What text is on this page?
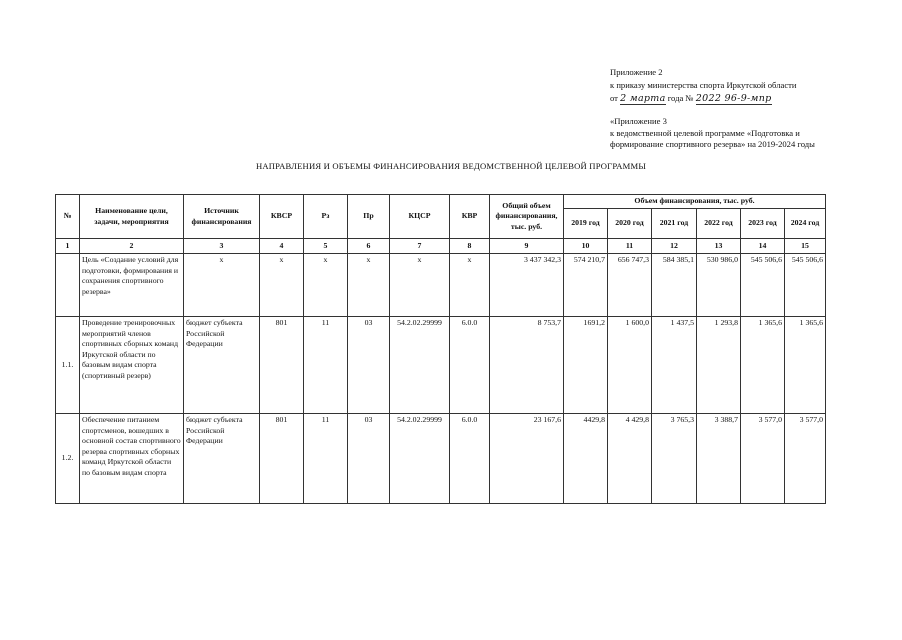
Приложение 2
к приказу министерства спорта Иркутской области
от 2 марта года № 2022 96-9-мпр
«Приложение 3
к ведомственной целевой программе «Подготовка и
формирование спортивного резерва» на 2019-2024 годы
НАПРАВЛЕНИЯ И ОБЪЕМЫ ФИНАНСИРОВАНИЯ ВЕДОМСТВЕННОЙ ЦЕЛЕВОЙ ПРОГРАММЫ
№	Наименование цели, задачи, мероприятия	Источник финансирования	КВСР	Рз	Пр	КЦСР	КВР	Общий объем финансирования, тыс. руб.	Объем финансирования, тыс. руб.					
									2019 год	2020 год	2021 год	2022 год	2023 год	2024 год
1	2	3	4	5	6	7	8	9	10	11	12	13	14	15
	Цель «Создание условий для подготовки, формирования и сохранения спортивного резерва»	x	x	x	x	x	x	3 437 342,3	574 210,7	656 747,3	584 385,1	530 986,0	545 506,6	545 506,6
1.1.	Проведение тренировочных мероприятий членов спортивных сборных команд Иркутской области по базовым видам спорта (спортивный резерв)	бюджет субъекта Российской Федерации	801	11	03	54.2.02.29999	6.0.0	8 753,7	1691,2	1 600,0	1 437,5	1 293,8	1 365,6	1 365,6
1.2.	Обеспечение питанием спортсменов, вошедших в основной состав спортивного резерва спортивных сборных команд Иркутской области по базовым видам спорта	бюджет субъекта Российской Федерации	801	11	03	54.2.02.29999	6.0.0	23 167,6	4429,8	4 429,8	3 765,3	3 388,7	3 577,0	3 577,0
